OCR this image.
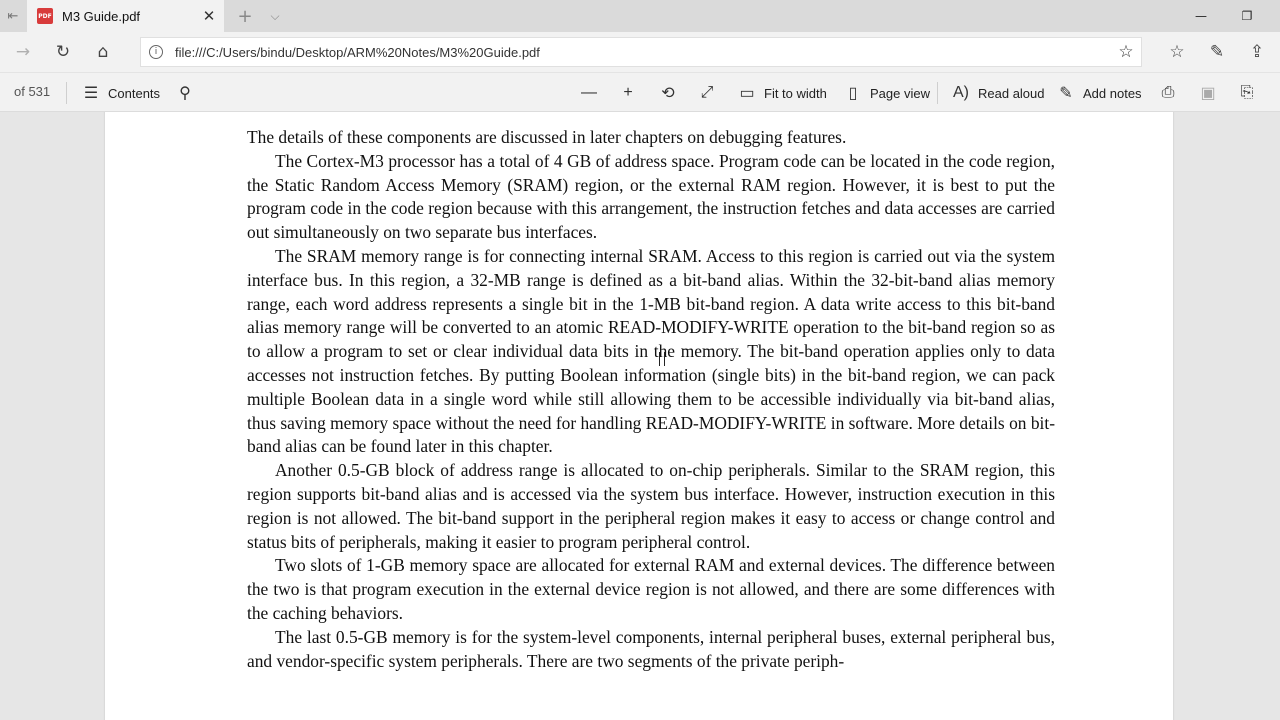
⇤	PDF M3 Guide.pdf	✕	+	⌵	—	❐
→	↻	⌂	i	file:///C:/Users/bindu/Desktop/ARM%20Notes/M3%20Guide.pdf	☆	☆	✎	⇪
of 531 ☰ Contents	⚲	—	+	⟲ ⤢ ▭ Fit to width	▯ Page view A) Read aloud ✎ Add notes ⎙ ▣ ⎘

The details of these components are discussed in later chapters on debugging features.

The Cortex-M3 processor has a total of 4 GB of address space. Program code can be located in the code region, the Static Random Access Memory (SRAM) region, or the external RAM region. However, it is best to put the program code in the code region because with this arrangement, the instruction fetches and data accesses are carried out simultaneously on two separate bus interfaces.

The SRAM memory range is for connecting internal SRAM. Access to this region is carried out via the system interface bus. In this region, a 32-MB range is defined as a bit-band alias. Within the 32-bit-band alias memory range, each word address represents a single bit in the 1-MB bit-band region. A data write access to this bit-band alias memory range will be converted to an atomic READ-MODIFY-WRITE operation to the bit-band region so as to allow a program to set or clear individual data bits in the memory. The bit-band operation applies only to data accesses not instruction fetches. By putting Boolean information (single bits) in the bit-band region, we can pack multiple Boolean data in a single word while still allowing them to be accessible individually via bit-band alias, thus saving memory space without the need for handling READ-MODIFY-WRITE in software. More details on bit-band alias can be found later in this chapter.

Another 0.5-GB block of address range is allocated to on-chip peripherals. Similar to the SRAM region, this region supports bit-band alias and is accessed via the system bus interface. However, instruction execution in this region is not allowed. The bit-band support in the peripheral region makes it easy to access or change control and status bits of peripherals, making it easier to program peripheral control.

Two slots of 1-GB memory space are allocated for external RAM and external devices. The difference between the two is that program execution in the external device region is not allowed, and there are some differences with the caching behaviors.

The last 0.5-GB memory is for the system-level components, internal peripheral buses, external peripheral bus, and vendor-specific system peripherals. There are two segments of the private periph-
